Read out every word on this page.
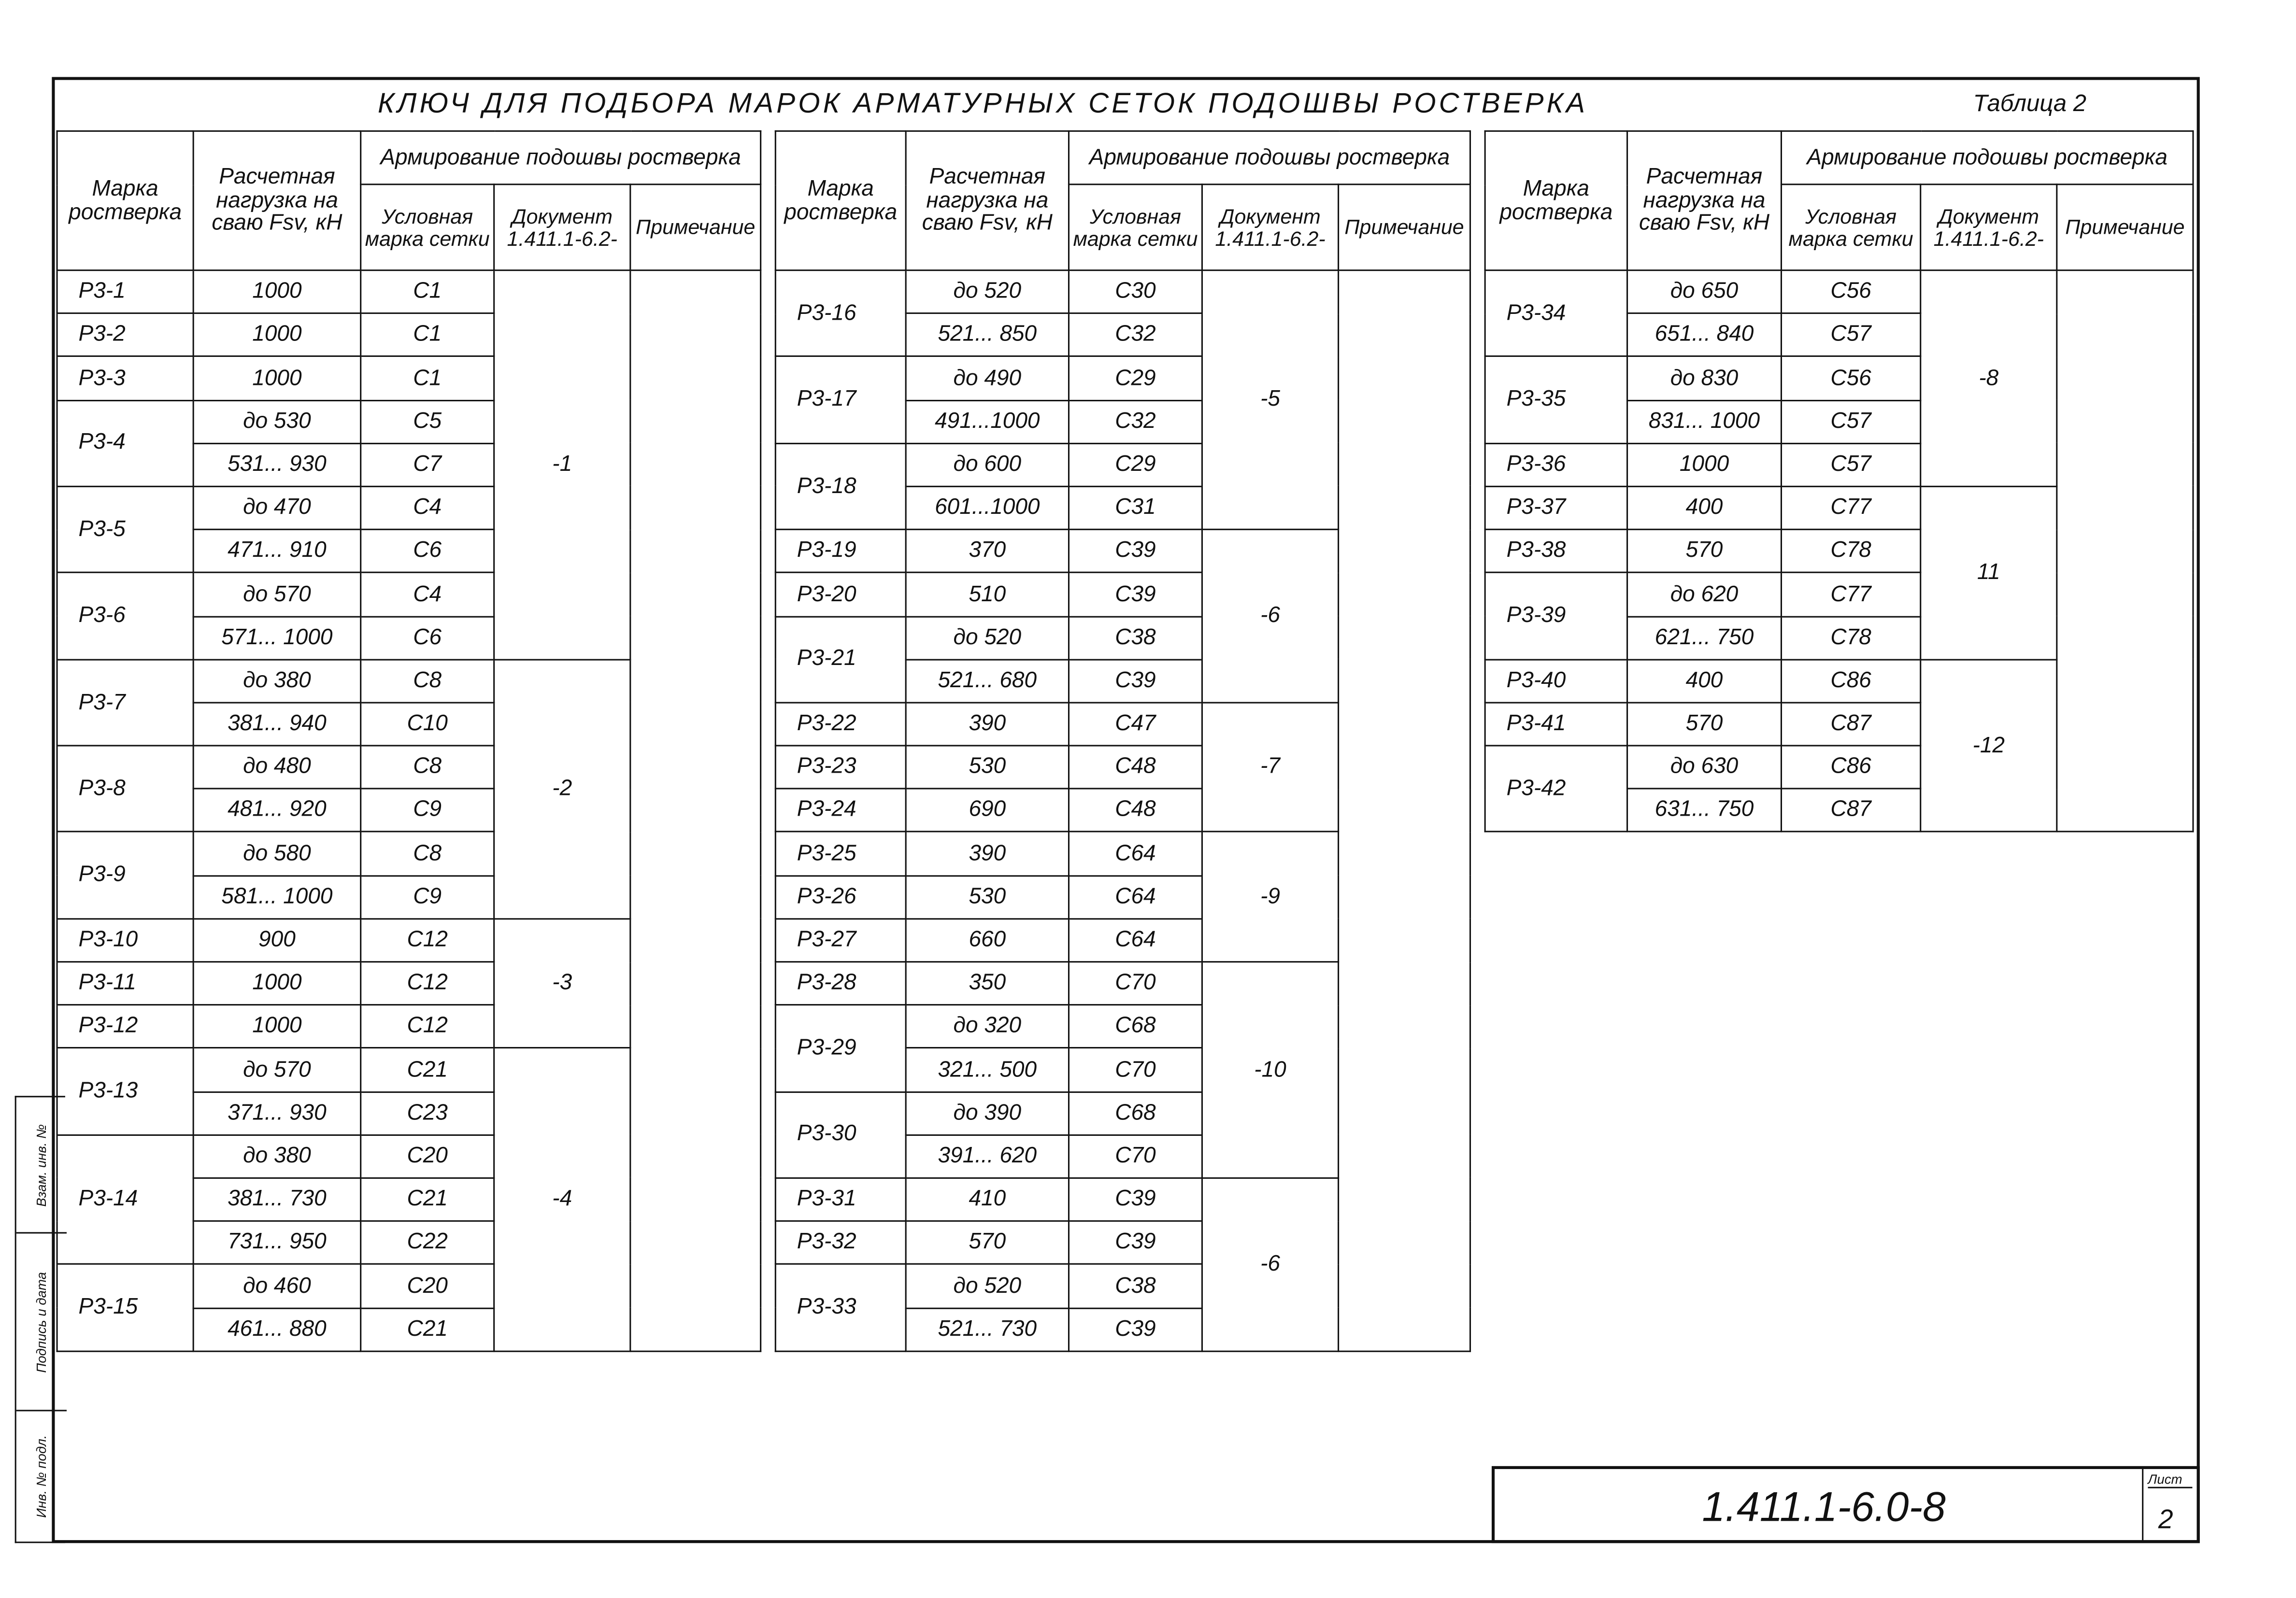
КЛЮЧ ДЛЯ ПОДБОРА МАРОК АРМАТУРНЫХ СЕТОК ПОДОШВЫ РОСТВЕРКА	Таблица 2
Марка ростверка	Расчетная нагрузка на сваю Fsv, кН	Армирование подошвы ростверка		
		Условная марка сетки	Документ 1.411.1-6.2-	Примечание
Р3-1	1000	С1	-1	
Р3-2	1000	С1		
Р3-3	1000	С1		
Р3-4	до 530	С5		
	531... 930	С7		
Р3-5	до 470	С4		
	471... 910	С6		
Р3-6	до 570	С4		
	571... 1000	С6		
Р3-7	до 380	С8	-2	
	381... 940	С10		
Р3-8	до 480	С8		
	481... 920	С9		
Р3-9	до 580	С8		
	581... 1000	С9		
Р3-10	900	С12	-3	
Р3-11	1000	С12		
Р3-12	1000	С12		
Р3-13	до 570	С21	-4	
	371... 930	С23		
Р3-14	до 380	С20		
	381... 730	С21		
	731... 950	С22		
Р3-15	до 460	С20		
	461... 880	С21		
Марка ростверка	Расчетная нагрузка на сваю Fsv, кН	Армирование подошвы ростверка		
		Условная марка сетки	Документ 1.411.1-6.2-	Примечание
Р3-16	до 520	С30	-5	
	521... 850	С32		
Р3-17	до 490	С29		
	491...1000	С32		
Р3-18	до 600	С29		
	601...1000	С31		
Р3-19	370	С39	-6	
Р3-20	510	С39		
Р3-21	до 520	С38		
	521... 680	С39		
Р3-22	390	С47	-7	
Р3-23	530	С48		
Р3-24	690	С48		
Р3-25	390	С64	-9	
Р3-26	530	С64		
Р3-27	660	С64		
Р3-28	350	С70	-10	
Р3-29	до 320	С68		
	321... 500	С70		
Р3-30	до 390	С68		
	391... 620	С70		
Р3-31	410	С39	-6	
Р3-32	570	С39		
Р3-33	до 520	С38		
	521... 730	С39		
Марка ростверка	Расчетная нагрузка на сваю Fsv, кН	Армирование подошвы ростверка		
		Условная марка сетки	Документ 1.411.1-6.2-	Примечание
Р3-34	до 650	С56	-8	
	651... 840	С57		
Р3-35	до 830	С56		
	831... 1000	С57		
Р3-36	1000	С57		
Р3-37	400	С77	11	
Р3-38	570	С78		
Р3-39	до 620	С77		
	621... 750	С78		
Р3-40	400	С86	-12	
Р3-41	570	С87		
Р3-42	до 630	С86		
	631... 750	С87		
Взам. инв. №
Подпись и дата
Инв. № подл.	1.411.1-6.0-8
Лист
2
